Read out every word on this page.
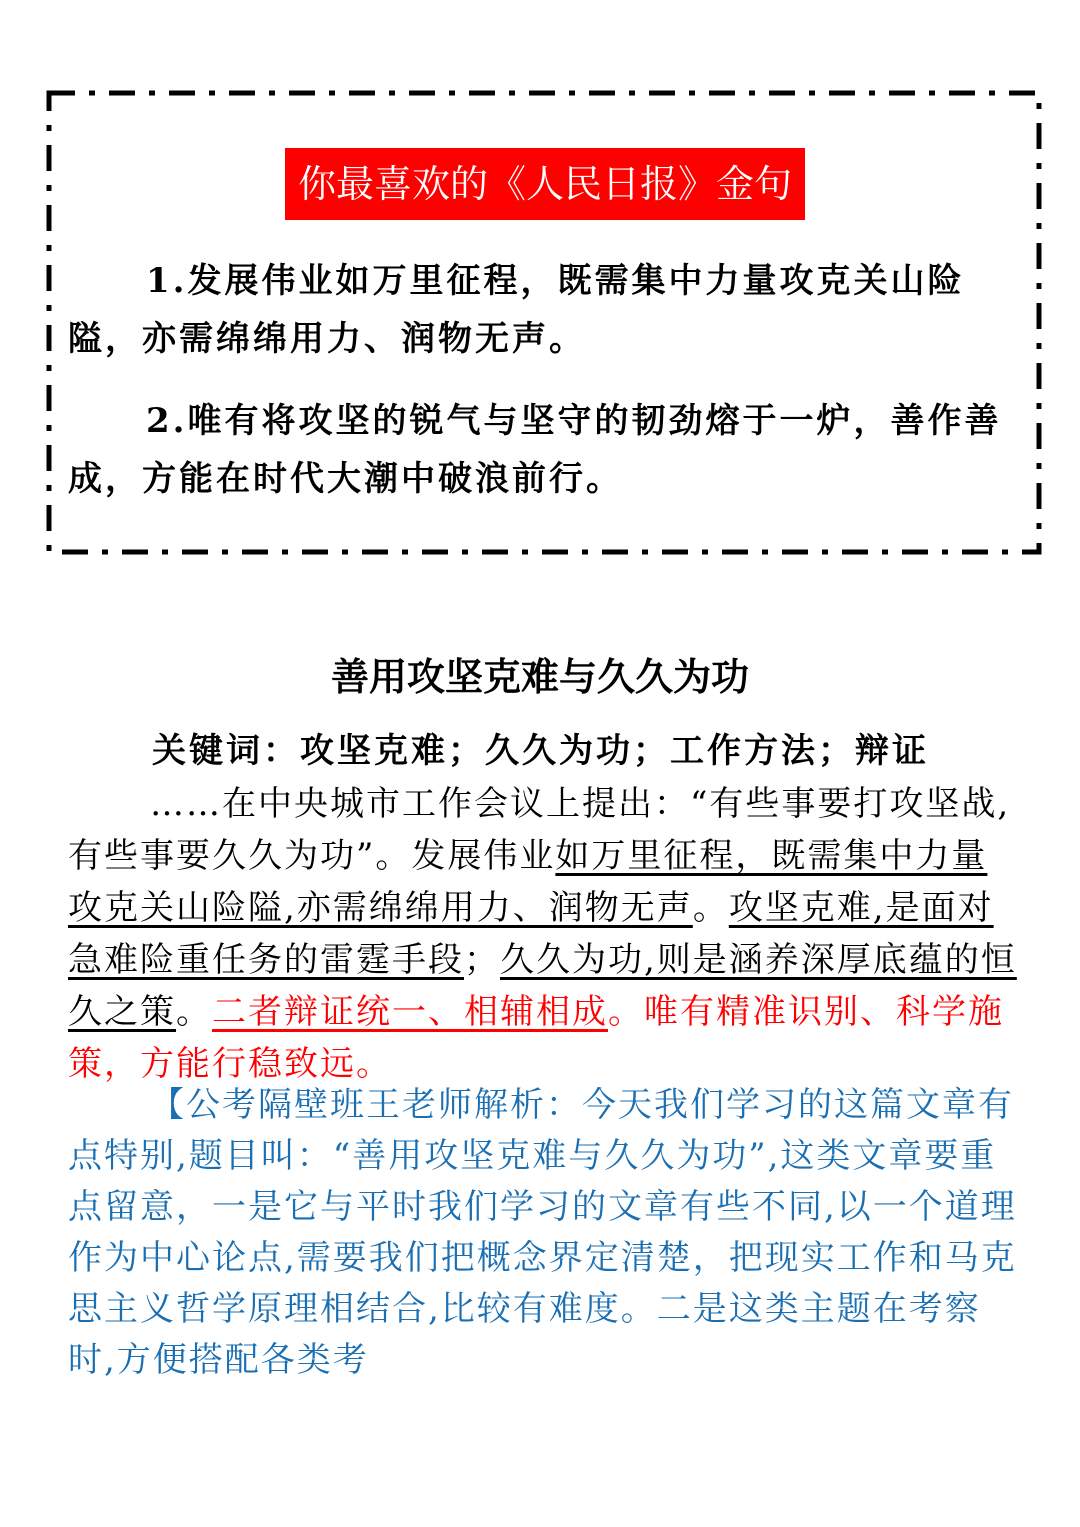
你最喜欢的《人民日报》金句

1.发展伟业如万里征程，既需集中力量攻克关山险隘，亦需绵绵用力、润物无声。

2.唯有将攻坚的锐气与坚守的韧劲熔于一炉，善作善成，方能在时代大潮中破浪前行。

善用攻坚克难与久久为功

关键词：攻坚克难；久久为功；工作方法；辩证

……在中央城市工作会议上提出：“有些事要打攻坚战,有些事要久久为功”。发展伟业如万里征程，既需集中力量攻克关山险隘,亦需绵绵用力、润物无声。攻坚克难,是面对急难险重任务的雷霆手段；久久为功,则是涵养深厚底蕴的恒久之策。二者辩证统一、相辅相成。唯有精准识别、科学施策，方能行稳致远。

【公考隔壁班王老师解析：今天我们学习的这篇文章有点特别,题目叫：“善用攻坚克难与久久为功”,这类文章要重点留意，一是它与平时我们学习的文章有些不同,以一个道理作为中心论点,需要我们把概念界定清楚，把现实工作和马克思主义哲学原理相结合,比较有难度。二是这类主题在考察时,方便搭配各类考
